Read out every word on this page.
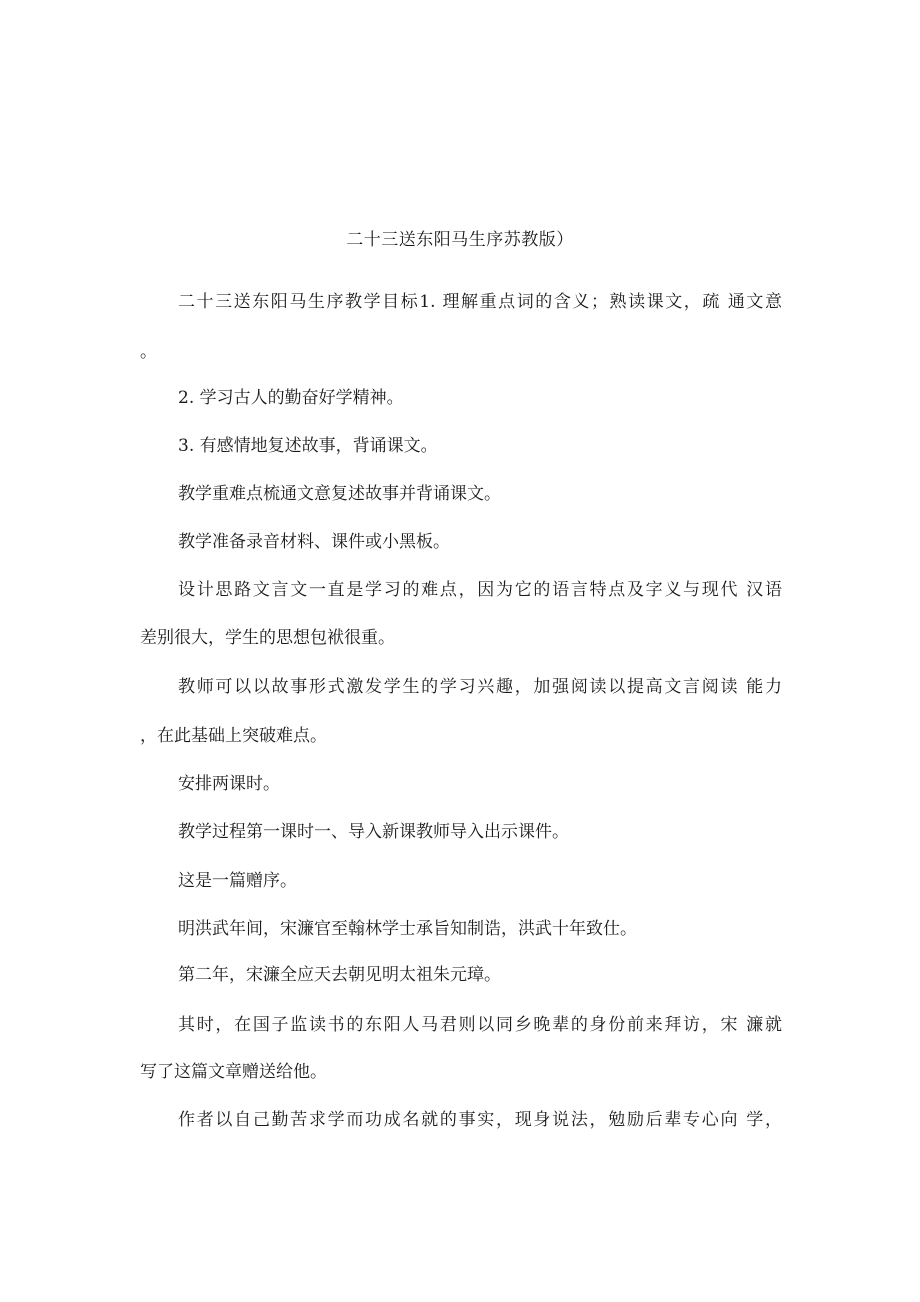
二十三送东阳马生序苏教版）
二十三送东阳马生序教学目标1. 理解重点词的含义；熟读课文，疏 通文意
。
2. 学习古人的勤奋好学精神。
3. 有感情地复述故事，背诵课文。
教学重难点梳通文意复述故事并背诵课文。
教学准备录音材料、课件或小黑板。
设计思路文言文一直是学习的难点，因为它的语言特点及字义与现代 汉语
差别很大，学生的思想包袱很重。
教师可以以故事形式激发学生的学习兴趣，加强阅读以提高文言阅读 能力
，在此基础上突破难点。
安排两课时。
教学过程第一课时一、导入新课教师导入出示课件。
这是一篇赠序。
明洪武年间，宋濂官至翰林学士承旨知制诰，洪武十年致仕。
第二年，宋濂全应天去朝见明太祖朱元璋。
其时，在国子监读书的东阳人马君则以同乡晚辈的身份前来拜访，宋 濂就
写了这篇文章赠送给他。
作者以自己勤苦求学而功成名就的事实，现身说法，勉励后辈专心向 学，
